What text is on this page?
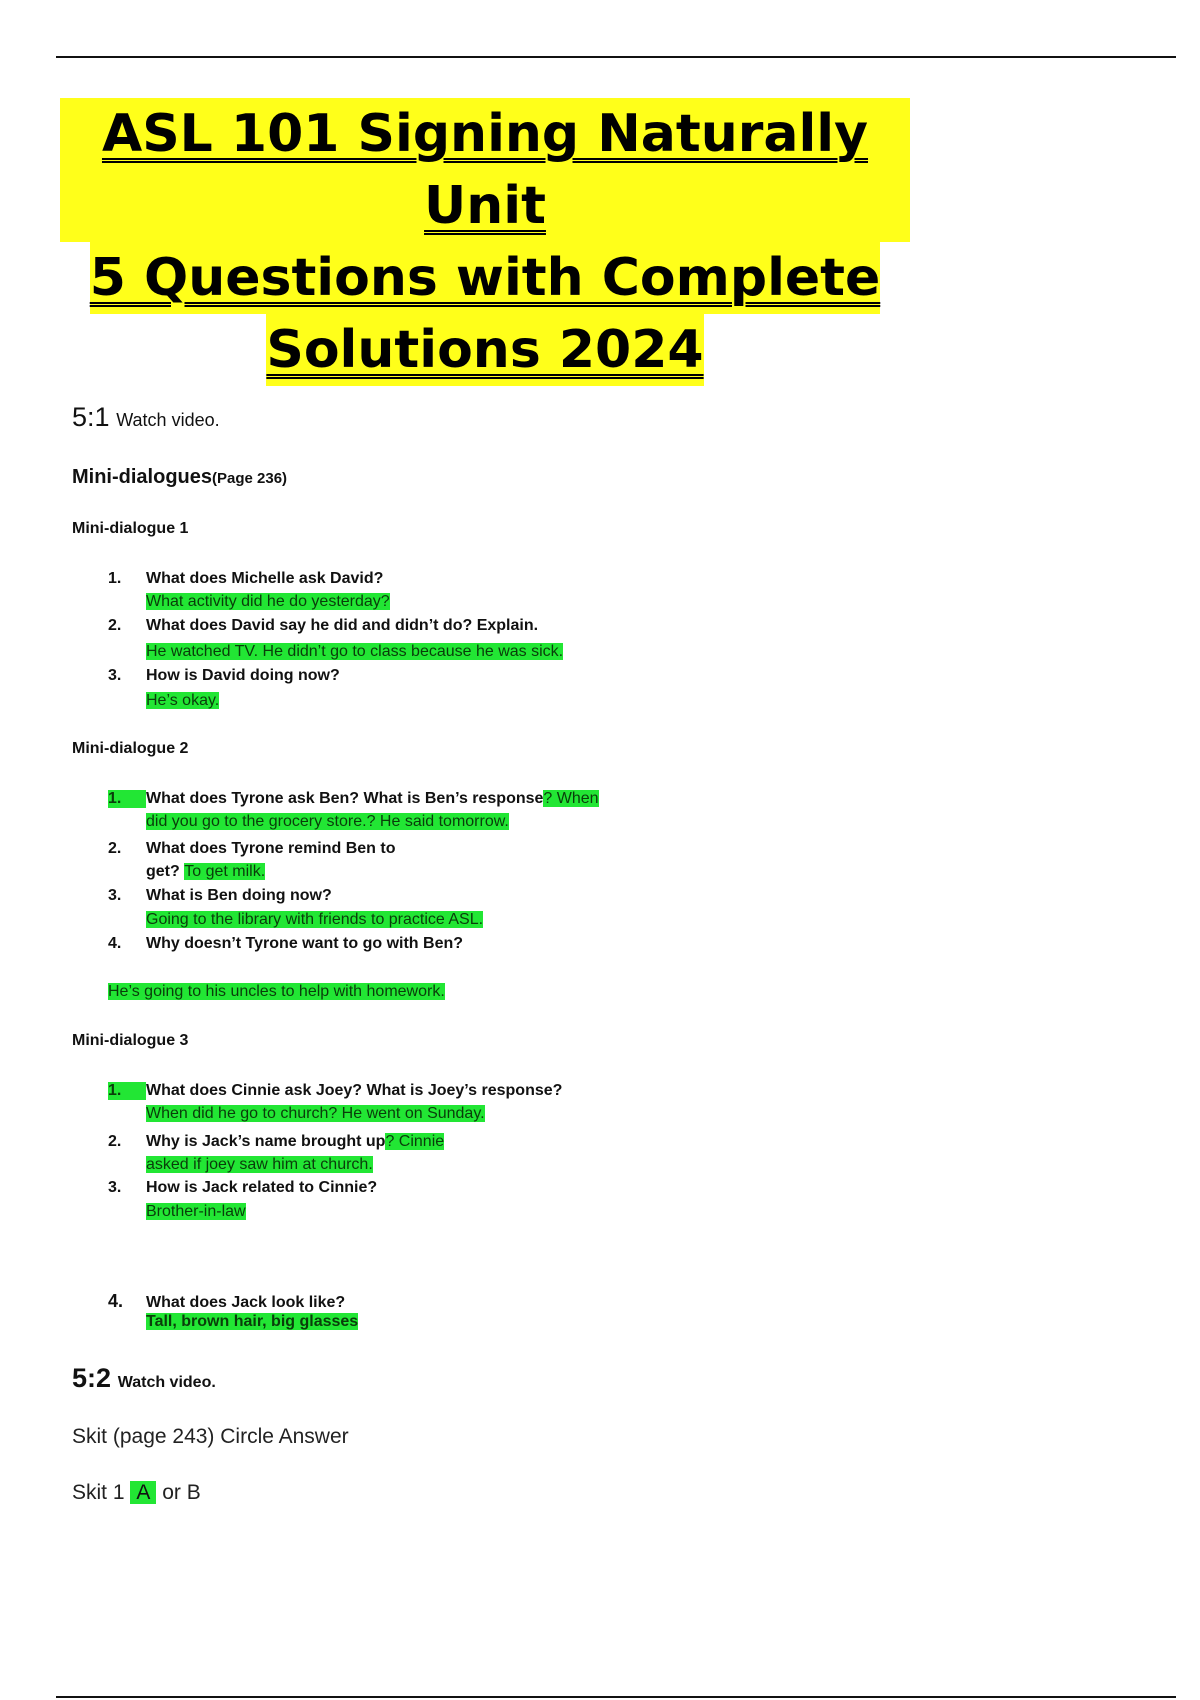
ASL 101 Signing Naturally Unit
5 Questions with Complete
Solutions 2024
5:1 Watch video.
Mini-dialogues(Page 236)
Mini-dialogue 1
1. What does Michelle ask David?
What activity did he do yesterday?
2. What does David say he did and didn’t do? Explain.
He watched TV. He didn’t go to class because he was sick.
3. How is David doing now?
He’s okay.
Mini-dialogue 2
1. What does Tyrone ask Ben? What is Ben’s response? When
did you go to the grocery store.? He said tomorrow.
2. What does Tyrone remind Ben to
get? To get milk.
3. What is Ben doing now?
Going to the library with friends to practice ASL.
4. Why doesn’t Tyrone want to go with Ben?
He’s going to his uncles to help with homework.
Mini-dialogue 3
1. What does Cinnie ask Joey? What is Joey’s response?
When did he go to church? He went on Sunday.
2. Why is Jack’s name brought up? Cinnie
asked if joey saw him at church.
3. How is Jack related to Cinnie?
Brother-in-law
4. What does Jack look like?
Tall, brown hair, big glasses
5:2 Watch video.
Skit (page 243) Circle Answer
Skit 1 A or B
